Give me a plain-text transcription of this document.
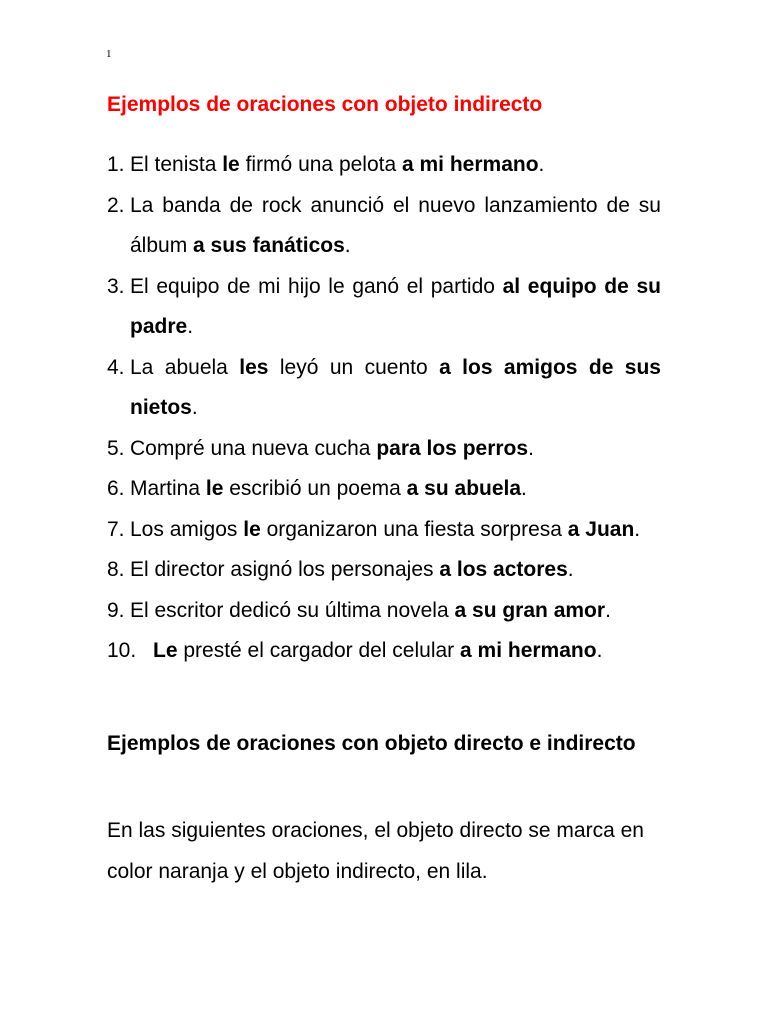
1
Ejemplos de oraciones con objeto indirecto
1. El tenista le firmó una pelota a mi hermano.
2. La banda de rock anunció el nuevo lanzamiento de su álbum a sus fanáticos.
3. El equipo de mi hijo le ganó el partido al equipo de su padre.
4. La abuela les leyó un cuento a los amigos de sus nietos.
5. Compré una nueva cucha para los perros.
6. Martina le escribió un poema a su abuela.
7. Los amigos le organizaron una fiesta sorpresa a Juan.
8. El director asignó los personajes a los actores.
9. El escritor dedicó su última novela a su gran amor.
10. Le presté el cargador del celular a mi hermano.
Ejemplos de oraciones con objeto directo e indirecto
En las siguientes oraciones, el objeto directo se marca en color naranja y el objeto indirecto, en lila.
